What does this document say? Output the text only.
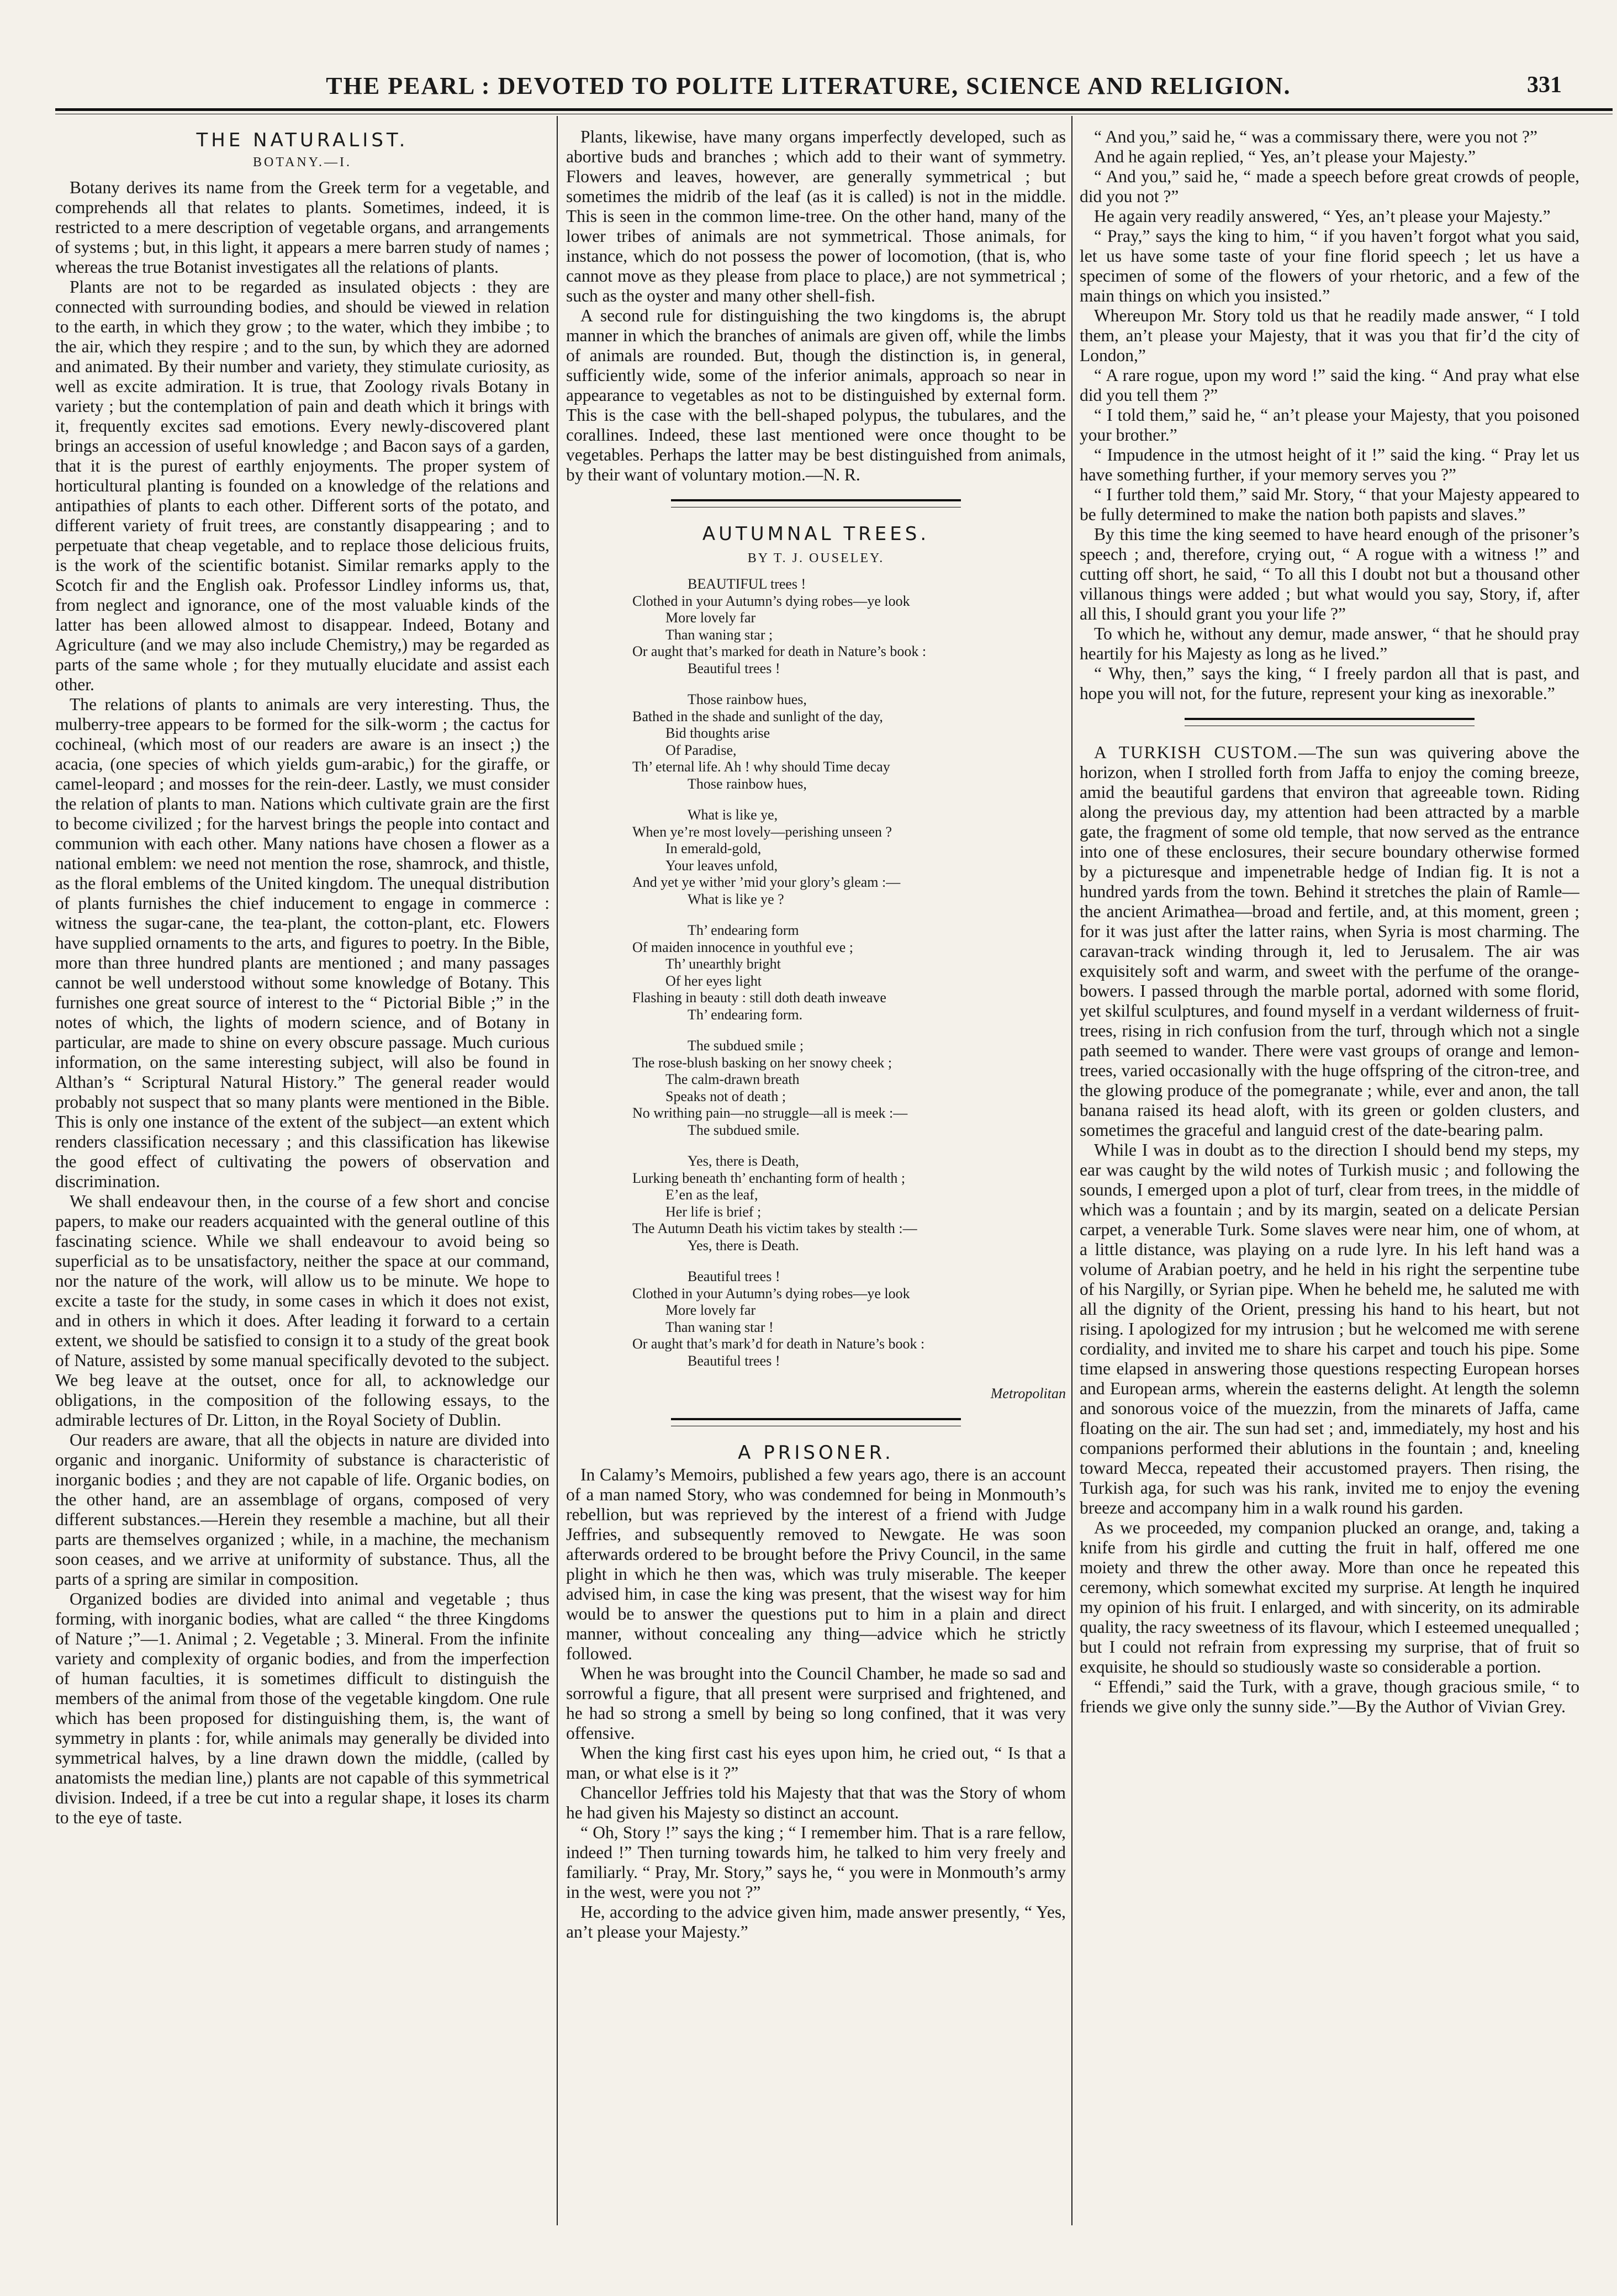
THE PEARL : DEVOTED TO POLITE LITERATURE, SCIENCE AND RELIGION.	331
THE NATURALIST.
BOTANY.—I.

Botany derives its name from the Greek term for a vegetable, and comprehends all that relates to plants. Sometimes, indeed, it is restricted to a mere description of vegetable organs, and arrangements of systems ; but, in this light, it appears a mere barren study of names ; whereas the true Botanist investigates all the relations of plants.

Plants are not to be regarded as insulated objects : they are connected with surrounding bodies, and should be viewed in relation to the earth, in which they grow ; to the water, which they imbibe ; to the air, which they respire ; and to the sun, by which they are adorned and animated. By their number and variety, they stimulate curiosity, as well as excite admiration. It is true, that Zoology rivals Botany in variety ; but the contemplation of pain and death which it brings with it, frequently excites sad emotions. Every newly-discovered plant brings an accession of useful knowledge ; and Bacon says of a garden, that it is the purest of earthly enjoyments. The proper system of horticultural planting is founded on a knowledge of the relations and antipathies of plants to each other. Different sorts of the potato, and different variety of fruit trees, are constantly disappearing ; and to perpetuate that cheap vegetable, and to replace those delicious fruits, is the work of the scientific botanist. Similar remarks apply to the Scotch fir and the English oak. Professor Lindley informs us, that, from neglect and ignorance, one of the most valuable kinds of the latter has been allowed almost to disappear. Indeed, Botany and Agriculture (and we may also include Chemistry,) may be regarded as parts of the same whole ; for they mutually elucidate and assist each other.

The relations of plants to animals are very interesting. Thus, the mulberry-tree appears to be formed for the silk-worm ; the cactus for cochineal, (which most of our readers are aware is an insect ;) the acacia, (one species of which yields gum-arabic,) for the giraffe, or camel-leopard ; and mosses for the rein-deer. Lastly, we must consider the relation of plants to man. Nations which cultivate grain are the first to become civilized ; for the harvest brings the people into contact and communion with each other. Many nations have chosen a flower as a national emblem: we need not mention the rose, shamrock, and thistle, as the floral emblems of the United kingdom. The unequal distribution of plants furnishes the chief inducement to engage in commerce : witness the sugar-cane, the tea-plant, the cotton-plant, etc. Flowers have supplied ornaments to the arts, and figures to poetry. In the Bible, more than three hundred plants are mentioned ; and many passages cannot be well understood without some knowledge of Botany. This furnishes one great source of interest to the “ Pictorial Bible ;” in the notes of which, the lights of modern science, and of Botany in particular, are made to shine on every obscure passage. Much curious information, on the same interesting subject, will also be found in Althan’s “ Scriptural Natural History.” The general reader would probably not suspect that so many plants were mentioned in the Bible. This is only one instance of the extent of the subject—an extent which renders classification necessary ; and this classification has likewise the good effect of cultivating the powers of observation and discrimination.

We shall endeavour then, in the course of a few short and concise papers, to make our readers acquainted with the general outline of this fascinating science. While we shall endeavour to avoid being so superficial as to be unsatisfactory, neither the space at our command, nor the nature of the work, will allow us to be minute. We hope to excite a taste for the study, in some cases in which it does not exist, and in others in which it does. After leading it forward to a certain extent, we should be satisfied to consign it to a study of the great book of Nature, assisted by some manual specifically devoted to the subject. We beg leave at the outset, once for all, to acknowledge our obligations, in the composition of the following essays, to the admirable lectures of Dr. Litton, in the Royal Society of Dublin.

Our readers are aware, that all the objects in nature are divided into organic and inorganic. Uniformity of substance is characteristic of inorganic bodies ; and they are not capable of life. Organic bodies, on the other hand, are an assemblage of organs, composed of very different substances.—Herein they resemble a machine, but all their parts are themselves organized ; while, in a machine, the mechanism soon ceases, and we arrive at uniformity of substance. Thus, all the parts of a spring are similar in composition.

Organized bodies are divided into animal and vegetable ; thus forming, with inorganic bodies, what are called “ the three Kingdoms of Nature ;”—1. Animal ; 2. Vegetable ; 3. Mineral. From the infinite variety and complexity of organic bodies, and from the imperfection of human faculties, it is sometimes difficult to distinguish the members of the animal from those of the vegetable kingdom. One rule which has been proposed for distinguishing them, is, the want of symmetry in plants : for, while animals may generally be divided into symmetrical halves, by a line drawn down the middle, (called by anatomists the median line,) plants are not capable of this symmetrical division. Indeed, if a tree be cut into a regular shape, it loses its charm to the eye of taste.

Plants, likewise, have many organs imperfectly developed, such as abortive buds and branches ; which add to their want of symmetry. Flowers and leaves, however, are generally symmetrical ; but sometimes the midrib of the leaf (as it is called) is not in the middle. This is seen in the common lime-tree. On the other hand, many of the lower tribes of animals are not symmetrical. Those animals, for instance, which do not possess the power of locomotion, (that is, who cannot move as they please from place to place,) are not symmetrical ; such as the oyster and many other shell-fish.

A second rule for distinguishing the two kingdoms is, the abrupt manner in which the branches of animals are given off, while the limbs of animals are rounded. But, though the distinction is, in general, sufficiently wide, some of the inferior animals, approach so near in appearance to vegetables as not to be distinguished by external form. This is the case with the bell-shaped polypus, the tubulares, and the corallines. Indeed, these last mentioned were once thought to be vegetables. Perhaps the latter may be best distinguished from animals, by their want of voluntary motion.—N. R.

AUTUMNAL TREES.
BY T. J. OUSELEY.
BEAUTIFUL trees !
Clothed in your Autumn’s dying robes—ye look
More lovely far
Than waning star ;
Or aught that’s marked for death in Nature’s book :
Beautiful trees !
Those rainbow hues,
Bathed in the shade and sunlight of the day,
Bid thoughts arise
Of Paradise,
Th’ eternal life. Ah ! why should Time decay
Those rainbow hues,
What is like ye,
When ye’re most lovely—perishing unseen ?
In emerald-gold,
Your leaves unfold,
And yet ye wither ’mid your glory’s gleam :—
What is like ye ?
Th’ endearing form
Of maiden innocence in youthful eve ;
Th’ unearthly bright
Of her eyes light
Flashing in beauty : still doth death inweave
Th’ endearing form.
The subdued smile ;
The rose-blush basking on her snowy cheek ;
The calm-drawn breath
Speaks not of death ;
No writhing pain—no struggle—all is meek :—
The subdued smile.
Yes, there is Death,
Lurking beneath th’ enchanting form of health ;
E’en as the leaf,
Her life is brief ;
The Autumn Death his victim takes by stealth :—
Yes, there is Death.
Beautiful trees !
Clothed in your Autumn’s dying robes—ye look
More lovely far
Than waning star !
Or aught that’s mark’d for death in Nature’s book :
Beautiful trees !
Metropolitan
A PRISONER.

In Calamy’s Memoirs, published a few years ago, there is an account of a man named Story, who was condemned for being in Monmouth’s rebellion, but was reprieved by the interest of a friend with Judge Jeffries, and subsequently removed to Newgate. He was soon afterwards ordered to be brought before the Privy Council, in the same plight in which he then was, which was truly miserable. The keeper advised him, in case the king was present, that the wisest way for him would be to answer the questions put to him in a plain and direct manner, without concealing any thing—advice which he strictly followed.

When he was brought into the Council Chamber, he made so sad and sorrowful a figure, that all present were surprised and frightened, and he had so strong a smell by being so long confined, that it was very offensive.

When the king first cast his eyes upon him, he cried out, “ Is that a man, or what else is it ?”

Chancellor Jeffries told his Majesty that that was the Story of whom he had given his Majesty so distinct an account.

“ Oh, Story !” says the king ; “ I remember him. That is a rare fellow, indeed !” Then turning towards him, he talked to him very freely and familiarly. “ Pray, Mr. Story,” says he, “ you were in Monmouth’s army in the west, were you not ?”

He, according to the advice given him, made answer presently, “ Yes, an’t please your Majesty.”

“ And you,” said he, “ was a commissary there, were you not ?”

And he again replied, “ Yes, an’t please your Majesty.”

“ And you,” said he, “ made a speech before great crowds of people, did you not ?”

He again very readily answered, “ Yes, an’t please your Majesty.”

“ Pray,” says the king to him, “ if you haven’t forgot what you said, let us have some taste of your fine florid speech ; let us have a specimen of some of the flowers of your rhetoric, and a few of the main things on which you insisted.”

Whereupon Mr. Story told us that he readily made answer, “ I told them, an’t please your Majesty, that it was you that fir’d the city of London,”

“ A rare rogue, upon my word !” said the king. “ And pray what else did you tell them ?”

“ I told them,” said he, “ an’t please your Majesty, that you poisoned your brother.”

“ Impudence in the utmost height of it !” said the king. “ Pray let us have something further, if your memory serves you ?”

“ I further told them,” said Mr. Story, “ that your Majesty appeared to be fully determined to make the nation both papists and slaves.”

By this time the king seemed to have heard enough of the prisoner’s speech ; and, therefore, crying out, “ A rogue with a witness !” and cutting off short, he said, “ To all this I doubt not but a thousand other villanous things were added ; but what would you say, Story, if, after all this, I should grant you your life ?”

To which he, without any demur, made answer, “ that he should pray heartily for his Majesty as long as he lived.”

“ Why, then,” says the king, “ I freely pardon all that is past, and hope you will not, for the future, represent your king as inexorable.”

A TURKISH CUSTOM.—The sun was quivering above the horizon, when I strolled forth from Jaffa to enjoy the coming breeze, amid the beautiful gardens that environ that agreeable town. Riding along the previous day, my attention had been attracted by a marble gate, the fragment of some old temple, that now served as the entrance into one of these enclosures, their secure boundary otherwise formed by a picturesque and impenetrable hedge of Indian fig. It is not a hundred yards from the town. Behind it stretches the plain of Ramle—the ancient Arimathea—broad and fertile, and, at this moment, green ; for it was just after the latter rains, when Syria is most charming. The caravan-track winding through it, led to Jerusalem. The air was exquisitely soft and warm, and sweet with the perfume of the orange-bowers. I passed through the marble portal, adorned with some florid, yet skilful sculptures, and found myself in a verdant wilderness of fruit-trees, rising in rich confusion from the turf, through which not a single path seemed to wander. There were vast groups of orange and lemon-trees, varied occasionally with the huge offspring of the citron-tree, and the glowing produce of the pomegranate ; while, ever and anon, the tall banana raised its head aloft, with its green or golden clusters, and sometimes the graceful and languid crest of the date-bearing palm.

While I was in doubt as to the direction I should bend my steps, my ear was caught by the wild notes of Turkish music ; and following the sounds, I emerged upon a plot of turf, clear from trees, in the middle of which was a fountain ; and by its margin, seated on a delicate Persian carpet, a venerable Turk. Some slaves were near him, one of whom, at a little distance, was playing on a rude lyre. In his left hand was a volume of Arabian poetry, and he held in his right the serpentine tube of his Nargilly, or Syrian pipe. When he beheld me, he saluted me with all the dignity of the Orient, pressing his hand to his heart, but not rising. I apologized for my intrusion ; but he welcomed me with serene cordiality, and invited me to share his carpet and touch his pipe. Some time elapsed in answering those questions respecting European horses and European arms, wherein the easterns delight. At length the solemn and sonorous voice of the muezzin, from the minarets of Jaffa, came floating on the air. The sun had set ; and, immediately, my host and his companions performed their ablutions in the fountain ; and, kneeling toward Mecca, repeated their accustomed prayers. Then rising, the Turkish aga, for such was his rank, invited me to enjoy the evening breeze and accompany him in a walk round his garden.

As we proceeded, my companion plucked an orange, and, taking a knife from his girdle and cutting the fruit in half, offered me one moiety and threw the other away. More than once he repeated this ceremony, which somewhat excited my surprise. At length he inquired my opinion of his fruit. I enlarged, and with sincerity, on its admirable quality, the racy sweetness of its flavour, which I esteemed unequalled ; but I could not refrain from expressing my surprise, that of fruit so exquisite, he should so studiously waste so considerable a portion.

“ Effendi,” said the Turk, with a grave, though gracious smile, “ to friends we give only the sunny side.”—By the Author of Vivian Grey.
